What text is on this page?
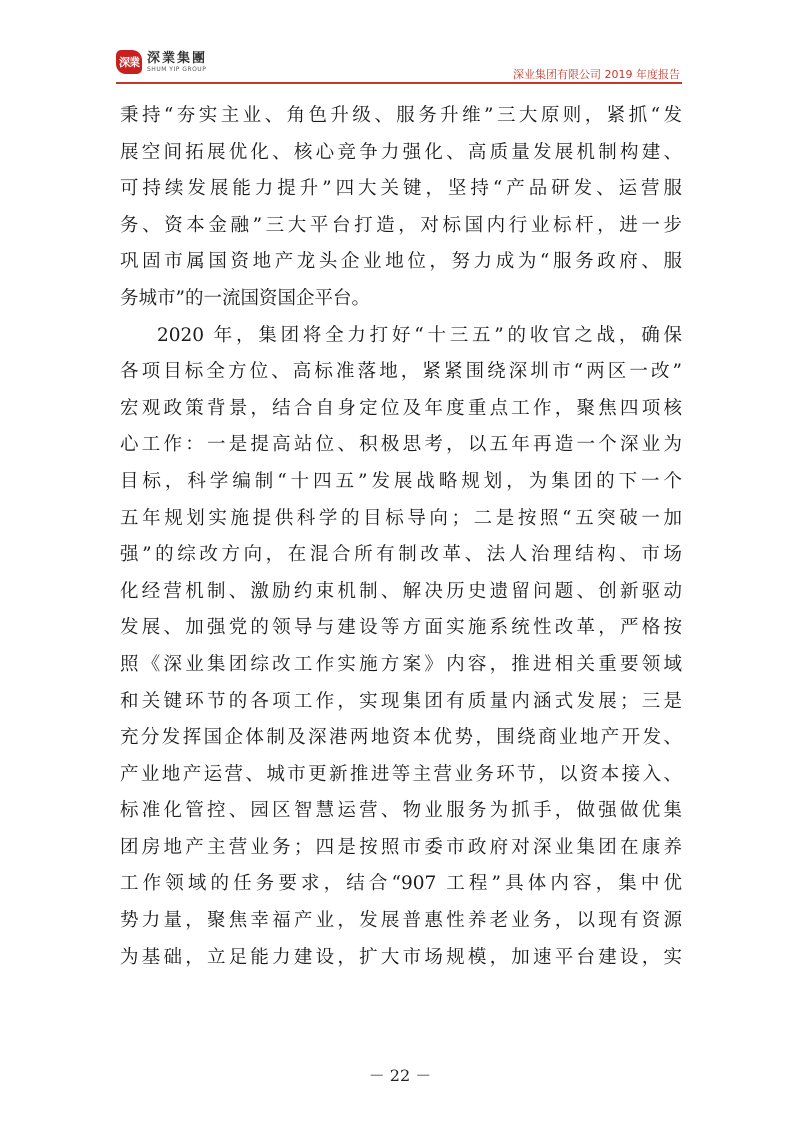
深業 深業集團
SHUM YIP GROUP	深业集团有限公司 2019 年度报告
秉持“夯实主业、角色升级、服务升维”三大原则，紧抓“发
展空间拓展优化、核心竞争力强化、高质量发展机制构建、
可持续发展能力提升”四大关键，坚持“产品研发、运营服
务、资本金融”三大平台打造，对标国内行业标杆，进一步
巩固市属国资地产龙头企业地位，努力成为“服务政府、服
务城市”的一流国资国企平台。
2020 年，集团将全力打好“十三五”的收官之战，确保
各项目标全方位、高标准落地，紧紧围绕深圳市“两区一改”
宏观政策背景，结合自身定位及年度重点工作，聚焦四项核
心工作：一是提高站位、积极思考，以五年再造一个深业为
目标，科学编制“十四五”发展战略规划，为集团的下一个
五年规划实施提供科学的目标导向；二是按照“五突破一加
强”的综改方向，在混合所有制改革、法人治理结构、市场
化经营机制、激励约束机制、解决历史遗留问题、创新驱动
发展、加强党的领导与建设等方面实施系统性改革，严格按
照《深业集团综改工作实施方案》内容，推进相关重要领域
和关键环节的各项工作，实现集团有质量内涵式发展；三是
充分发挥国企体制及深港两地资本优势，围绕商业地产开发、
产业地产运营、城市更新推进等主营业务环节，以资本接入、
标准化管控、园区智慧运营、物业服务为抓手，做强做优集
团房地产主营业务；四是按照市委市政府对深业集团在康养
工作领域的任务要求，结合“907 工程”具体内容，集中优
势力量，聚焦幸福产业，发展普惠性养老业务，以现有资源
为基础，立足能力建设，扩大市场规模，加速平台建设，实
－ 22 －
